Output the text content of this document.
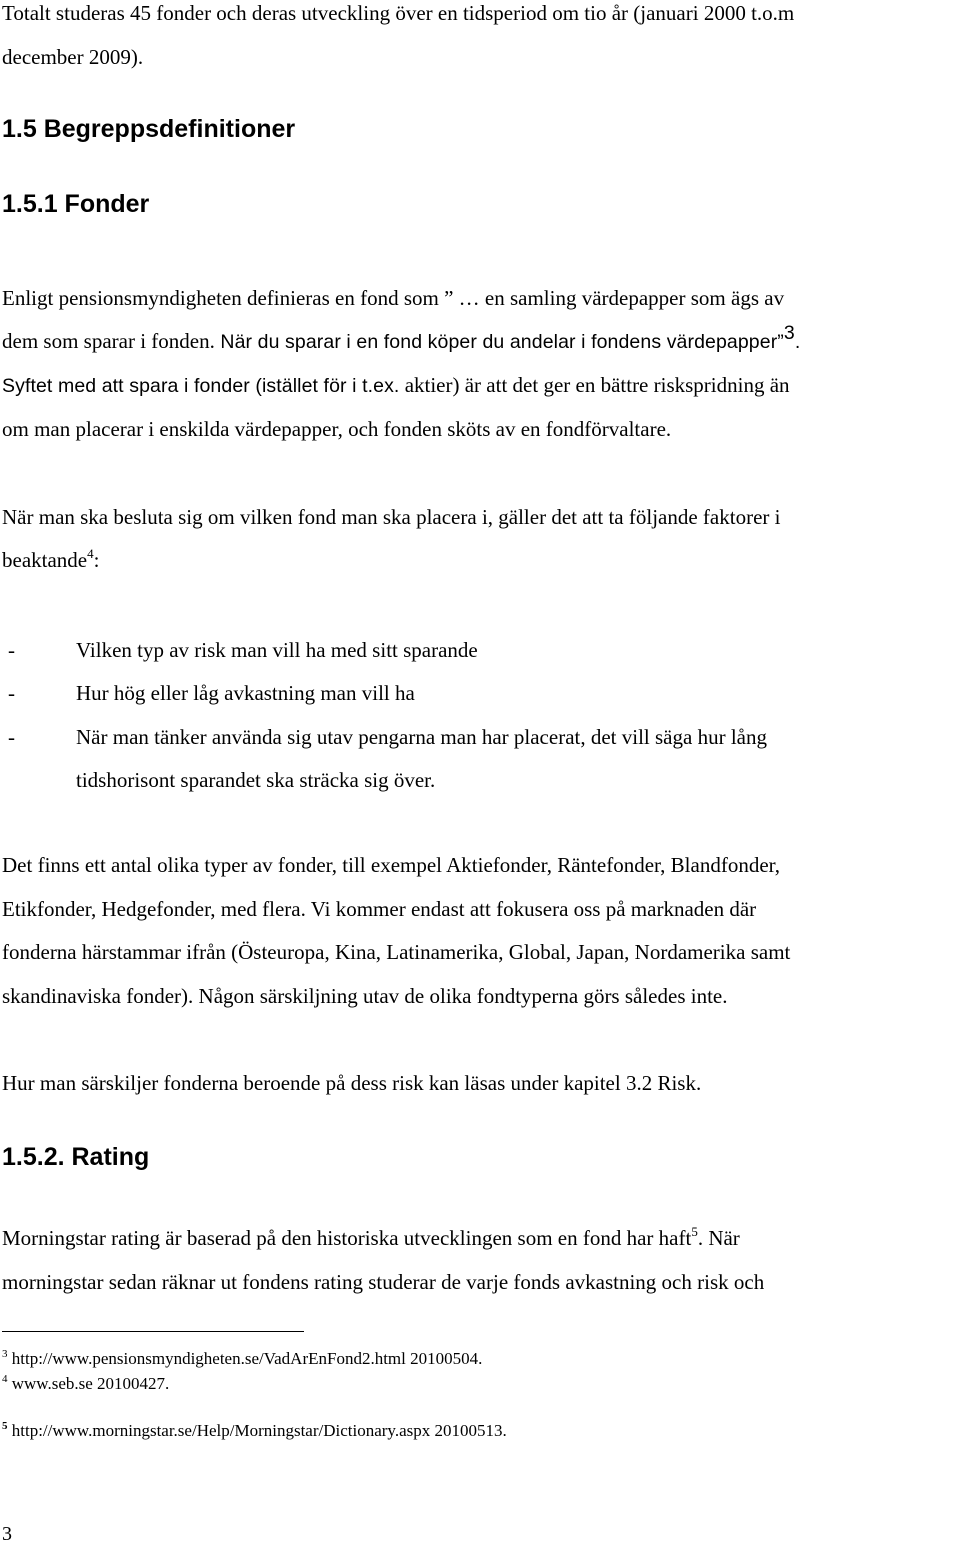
Totalt studeras 45 fonder och deras utveckling över en tidsperiod om tio år (januari 2000 t.o.m
december 2009).
1.5 Begreppsdefinitioner
1.5.1 Fonder
Enligt pensionsmyndigheten definieras en fond som ” … en samling värdepapper som ägs av
dem som sparar i fonden. När du sparar i en fond köper du andelar i fondens värdepapper”$^3$.
Syftet med att spara i fonder (istället för i t.ex. aktier) är att det ger en bättre riskspridning än
om man placerar i enskilda värdepapper, och fonden sköts av en fondförvaltare.
När man ska besluta sig om vilken fond man ska placera i, gäller det att ta följande faktorer i
beaktande$^4$:
-	Vilken typ av risk man vill ha med sitt sparande
-	Hur hög eller låg avkastning man vill ha
-	När man tänker använda sig utav pengarna man har placerat, det vill säga hur lång
tidshorisont sparandet ska sträcka sig över.
Det finns ett antal olika typer av fonder, till exempel Aktiefonder, Räntefonder, Blandfonder,
Etikfonder, Hedgefonder, med flera. Vi kommer endast att fokusera oss på marknaden där
fonderna härstammar ifrån (Östeuropa, Kina, Latinamerika, Global, Japan, Nordamerika samt
skandinaviska fonder). Någon särskiljning utav de olika fondtyperna görs således inte.
Hur man särskiljer fonderna beroende på dess risk kan läsas under kapitel 3.2 Risk.
1.5.2. Rating
Morningstar rating är baserad på den historiska utvecklingen som en fond har haft$^5$. När
morningstar sedan räknar ut fondens rating studerar de varje fonds avkastning och risk och
$^3$ http://www.pensionsmyndigheten.se/VadArEnFond2.html 20100504.
$^4$ www.seb.se 20100427.
$^5$ http://www.morningstar.se/Help/Morningstar/Dictionary.aspx 20100513.
3
